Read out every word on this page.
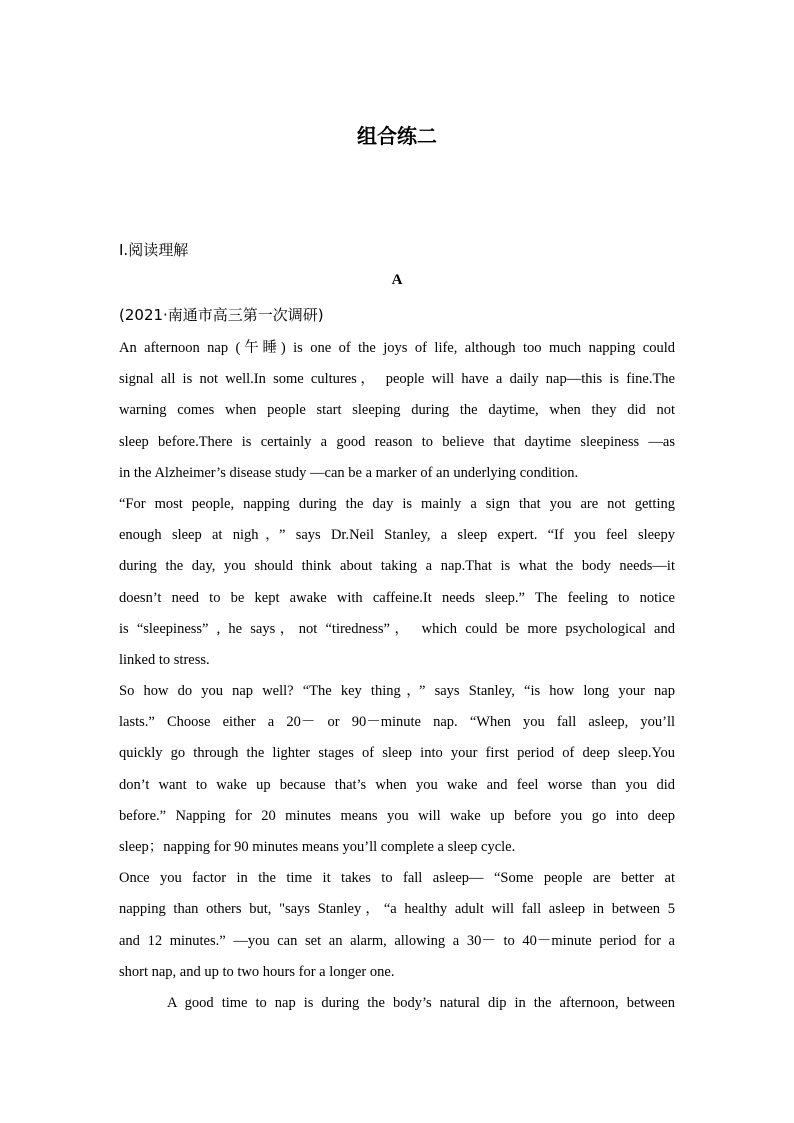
组合练二
Ⅰ.阅读理解
A
(2021·南通市高三第一次调研)
An afternoon nap (午睡) is one of the joys of life, although too much napping could
signal all is not well.In some cultures， people will have a daily nap—this is fine.The
warning comes when people start sleeping during the daytime, when they did not
sleep before.There is certainly a good reason to believe that daytime sleepiness —as
in the Alzheimer’s disease study —can be a marker of an underlying condition.
“For most people, napping during the day is mainly a sign that you are not getting
enough sleep at nigh，” says Dr.Neil Stanley, a sleep expert. “If you feel sleepy
during the day, you should think about taking a nap.That is what the body needs—it
doesn’t need to be kept awake with caffeine.It needs sleep.” The feeling to notice
is “sleepiness” , he says，not “tiredness”， which could be more psychological and
linked to stress.
So how do you nap well? “The key thing，” says Stanley, “is how long your nap
lasts.” Choose either a 20－ or 90－minute nap. “When you fall asleep, you’ll
quickly go through the lighter stages of sleep into your first period of deep sleep.You
don’t want to wake up because that’s when you wake and feel worse than you did
before.” Napping for 20 minutes means you will wake up before you go into deep
sleep；napping for 90 minutes means you’ll complete a sleep cycle.
Once you factor in the time it takes to fall asleep— “Some people are better at
napping than others but, "says Stanley，“a healthy adult will fall asleep in between 5
and 12 minutes.” —you can set an alarm, allowing a 30－ to 40－minute period for a
short nap, and up to two hours for a longer one.
A good time to nap is during the body’s natural dip in the afternoon, between
